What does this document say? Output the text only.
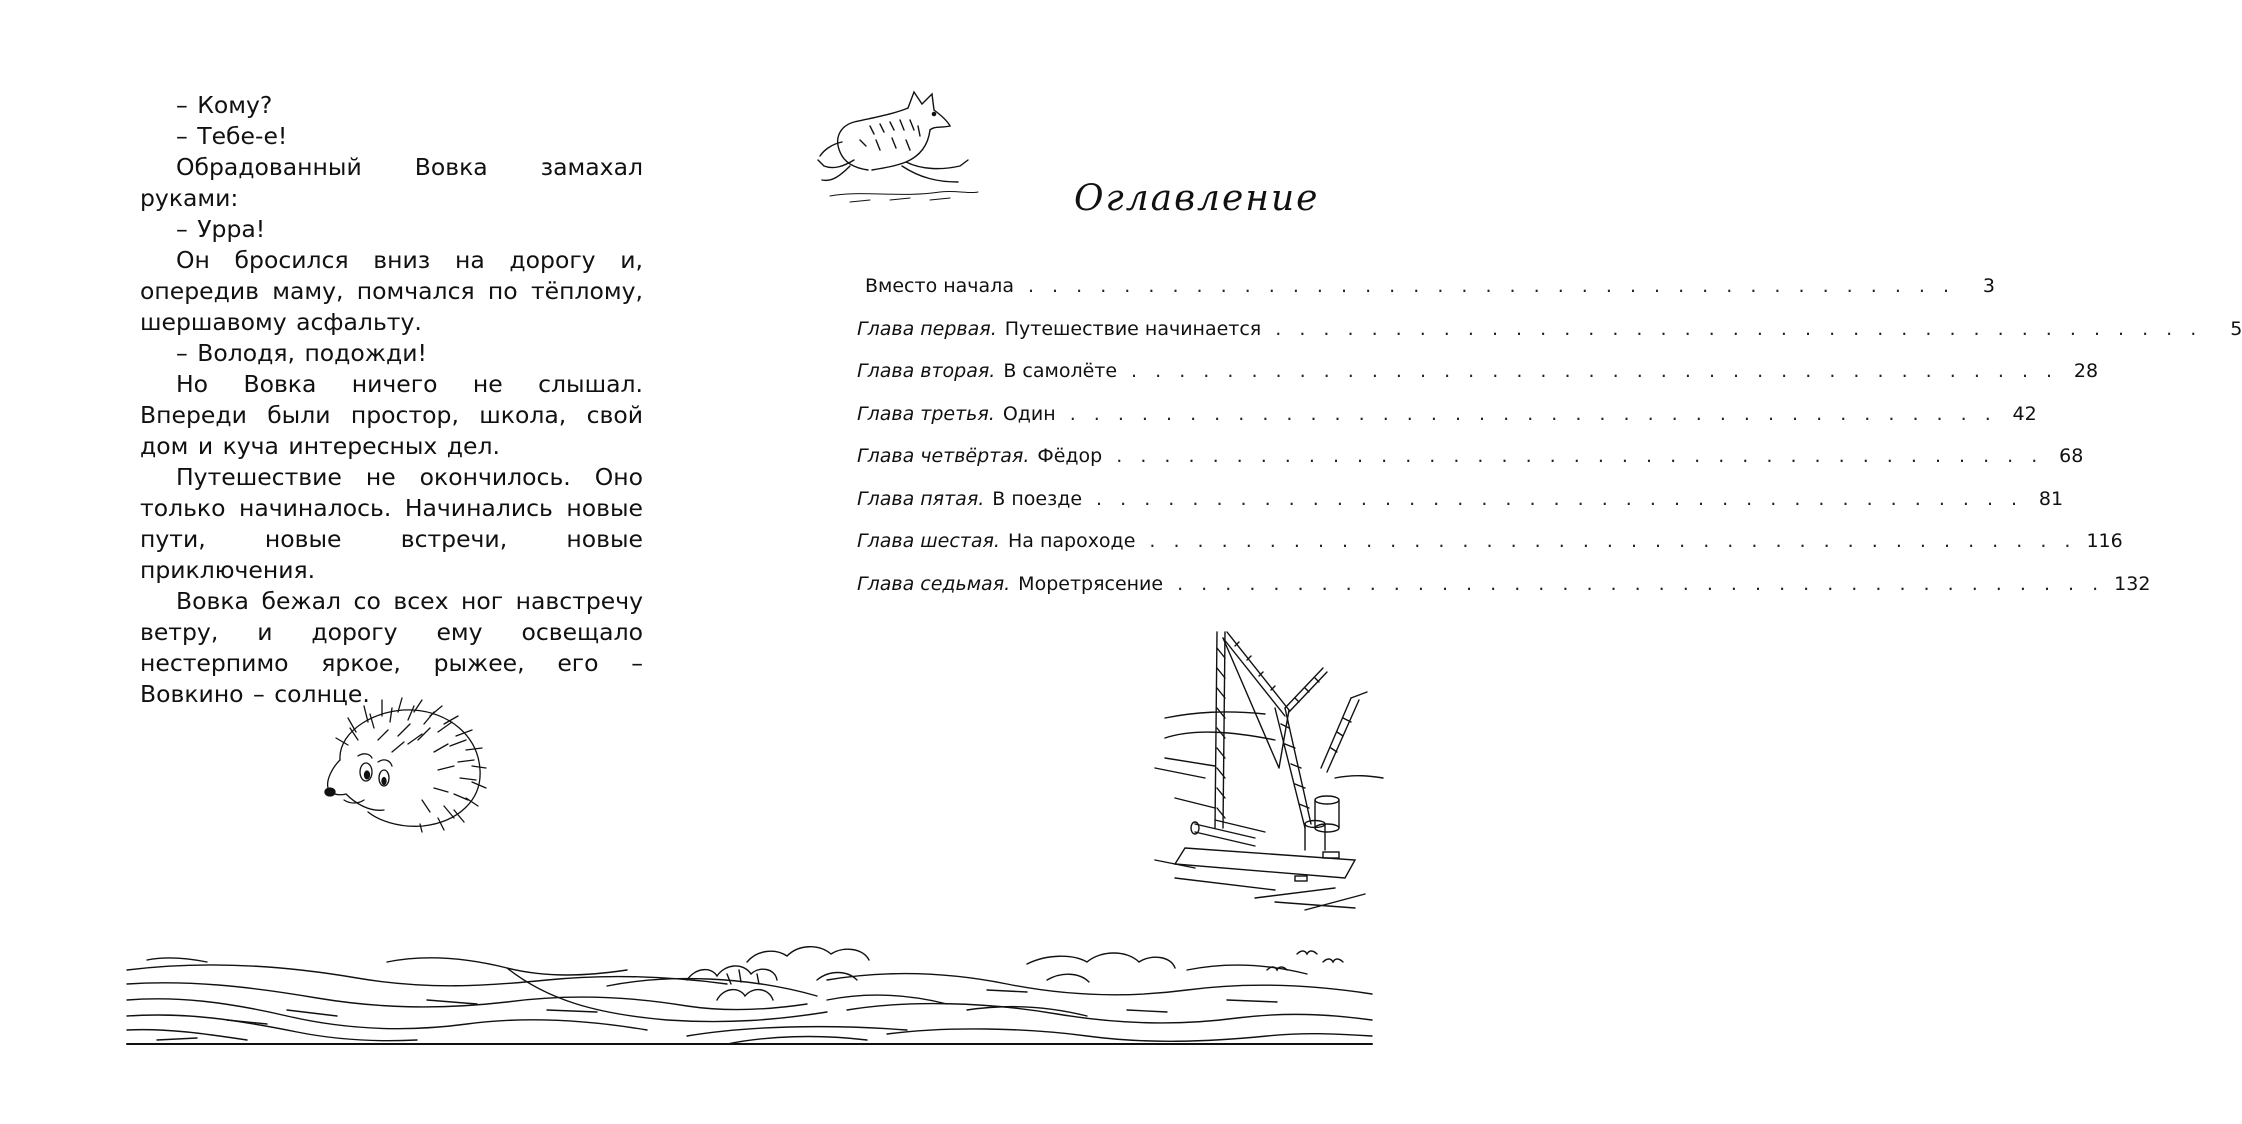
– Кому?

– Тебе-е!

Обрадованный Вовка замахал руками:

– Урра!

Он бросился вниз на дорогу и, опередив маму, помчался по тёплому, шершавому асфальту.

– Володя, подожди!

Но Вовка ничего не слышал. Впереди были простор, школа, свой дом и куча интересных дел.

Путешествие не окончилось. Оно только начиналось. Начинались новые пути, новые встречи, новые приключения.

Вовка бежал со всех ног навстречу ветру, и дорогу ему освещало нестерпимо яркое, рыжее, его – Вовкино – солнце.

Оглавление
Вместо начала . . . . . . . . . . . . . . . . . . . . . . . . . . . . . . . . . . . . . . .	3
Глава первая. Путешествие начинается . . . . . . . . . . . . . . . . . . . . . . . . . . . . . . . . . . . . . . .	5
Глава вторая. В самолёте . . . . . . . . . . . . . . . . . . . . . . . . . . . . . . . . . . . . . . . 28
Глава третья. Один . . . . . . . . . . . . . . . . . . . . . . . . . . . . . . . . . . . . . . . 42
Глава четвёртая. Фёдор . . . . . . . . . . . . . . . . . . . . . . . . . . . . . . . . . . . . . . . 68
Глава пятая. В поезде . . . . . . . . . . . . . . . . . . . . . . . . . . . . . . . . . . . . . . . 81
Глава шестая. На пароходе . . . . . . . . . . . . . . . . . . . . . . . . . . . . . . . . . . . . . . . 116
Глава седьмая. Моретрясение . . . . . . . . . . . . . . . . . . . . . . . . . . . . . . . . . . . . . . . 132
